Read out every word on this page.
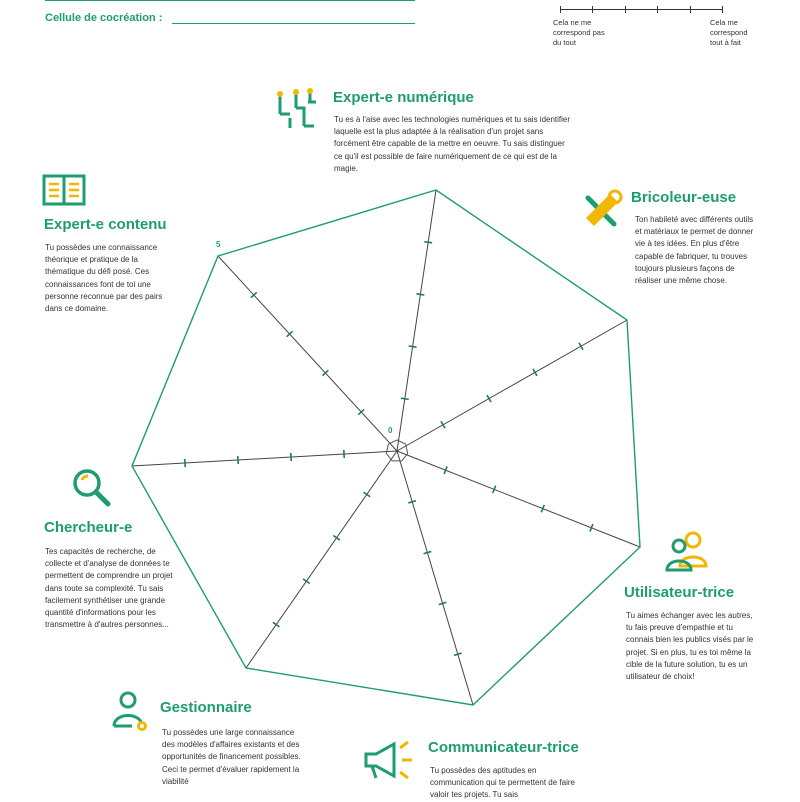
Cellule de cocréation :	Cela ne me correspond pas du tout
Cela me correspond tout à fait
0
5
Expert-e numérique
Tu es à l'aise avec les technologies numériques et tu sais identifier laquelle est la plus adaptée à la réalisation d'un projet sans forcément être capable de la mettre en oeuvre. Tu sais distinguer ce qu'il est possible de faire numériquement de ce qui est de la magie.
Bricoleur-euse
Ton habileté avec différents outils et matériaux te permet de donner vie à tes idées. En plus d'être capable de fabriquer, tu trouves toujours plusieurs façons de réaliser une même chose.
Utilisateur-trice
Tu aimes échanger avec les autres, tu fais preuve d'empathie et tu connais bien les publics visés par le projet. Si en plus, tu es toi même la cible de la future solution, tu es un utilisateur de choix!
Communicateur-trice
Tu possèdes des aptitudes en communication qui te permettent de faire valoir tes projets. Tu sais
Gestionnaire
Tu possèdes une large connaissance des modèles d'affaires existants et des opportunités de financement possibles. Ceci te permet d'évaluer rapidement la viabilité
Chercheur-e
Tes capacités de recherche, de collecte et d'analyse de données te permettent de comprendre un projet dans toute sa complexité. Tu sais facilement synthétiser une grande quantité d'informations pour les transmettre à d'autres personnes...
Expert-e contenu
Tu possèdes une connaissance théorique et pratique de la thématique du défi posé. Ces connaissances font de toi une personne reconnue par des pairs dans ce domaine.
